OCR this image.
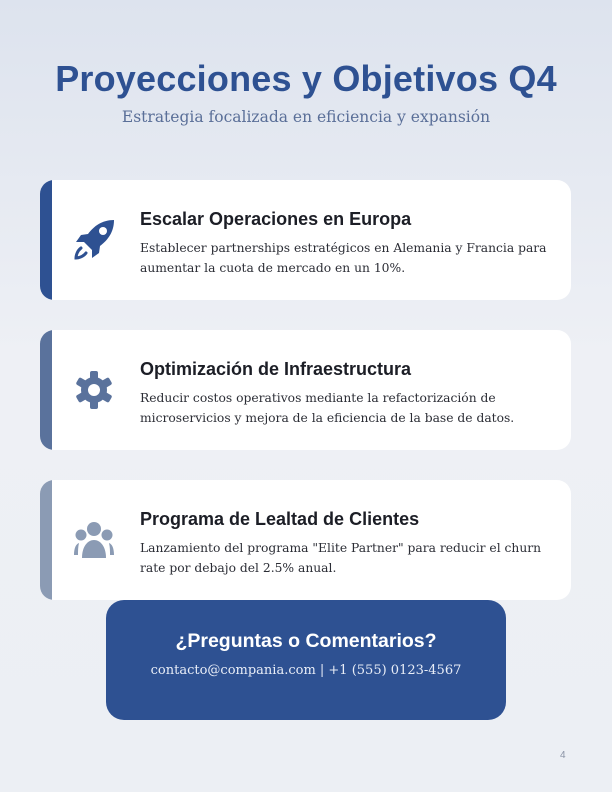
Proyecciones y Objetivos Q4
Estrategia focalizada en eficiencia y expansión
Escalar Operaciones en Europa
Establecer partnerships estratégicos en Alemania y Francia para aumentar la cuota de mercado en un 10%.
Optimización de Infraestructura
Reducir costos operativos mediante la refactorización de microservicios y mejora de la eficiencia de la base de datos.
Programa de Lealtad de Clientes
Lanzamiento del programa "Elite Partner" para reducir el churn rate por debajo del 2.5% anual.
¿Preguntas o Comentarios?
contacto@compania.com | +1 (555) 0123-4567
4
